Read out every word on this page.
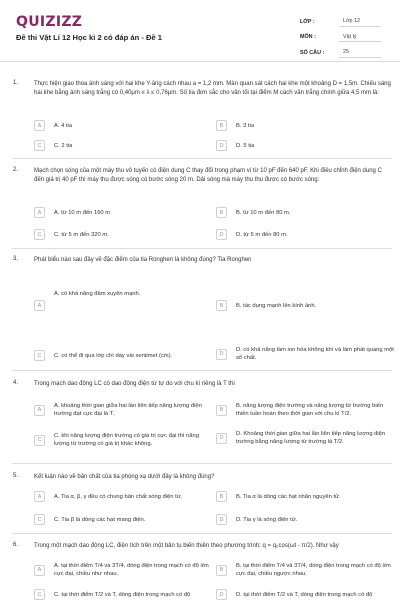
QUIZIZZ
Đề thi Vật Lí 12 Học kì 2 có đáp án - Đề 1
LỚP :	Lớp 12
MÔN :	Vật lý
SỐ CÂU :	25
1.	Thực hiện giao thoa ánh sáng với hai khe Y-âng cách nhau a = 1,2 mm. Màn quan sát cách hai khe một khoảng D = 1,5m. Chiếu sáng hai khe bằng ánh sáng trắng có 0,40μm ≤ λ ≤ 0,76μm. Số tia đơn sắc cho vân tối tại điểm M cách vân trắng chính giữa 4,5 mm là:
A	A. 4 tia	B	B. 3 tia
C	C. 2 tia	D	D. 5 tia
2.	Mạch chọn sóng của một máy thu vô tuyến có điện dung C thay đổi trong phạm vi từ 10 pF đến 640 pF. Khi điều chỉnh điện dung C đến giá trị 40 pF thì máy thu được sóng có bước sóng 20 m. Dải sóng mà máy thu thu được có bước sóng:
A	A. từ 10 m đến 160 m	B	B. từ 10 m đến 80 m.
C	C. từ 5 m đến 320 m.	D	D. từ 5 m đến 80 m.
3.	Phát biểu nào sau đây về đặc điểm của tia Ronghen là không đúng? Tia Ronghen
A
A. có khả năng đâm xuyên mạnh.
B	B. tác dụng mạnh lên kính ảnh.
C	C. có thể đi qua lớp chì dày vài xentimet (cm).	D
D. có khả năng làm ion hóa không khí và làm phát quang một số chất.
4.	Trong mạch dao động LC có dao động điện từ tự do với chu kì riêng là T thì
A
A. khoảng thời gian giữa hai lần liên tiếp năng lượng điện trường đạt cực đại là T.
B
B. năng lượng điện trường và năng lượng từ trường biến thiên tuần hoàn theo thời gian với chu kì T/2.
C
C. khi năng lượng điện trường có giá trị cực đại thì năng lượng từ trường có giá trị khác không.
D
D. Khoảng thời gian giữa hai lần liên tiếp năng lượng điện trường bằng năng lượng từ trường là T/2.
5.	Kết luận nào về bản chất của tia phóng xạ dưới đây là không đúng?
A	A. Tia α, β, γ đều có chung bản chất sóng điện từ.	B	B. Tia α là dòng các hạt nhân nguyên tử.
C	C. Tia β là dòng các hạt mang điện.	D	D. Tia γ là sóng điện từ.
6.	Trong một mạch dao động LC, điện tích trên một bản tụ biến thiên theo phương trình: q = q₀cos(ωt - π/2). Như vậy
A
A. tại thời điểm T/4 và 3T/4, dòng điện trong mạch có độ lớn cực đại, chiều như nhau.
B
B. tại thời điểm T/4 và 3T/4, dòng điện trong mạch có độ lớn cực đại, chiều ngược nhau.
C	C. tại thời điểm T/2 và T, dòng điện trong mạch có độ	D	D. tại thời điểm T/2 và T, dòng điện trong mạch có độ
